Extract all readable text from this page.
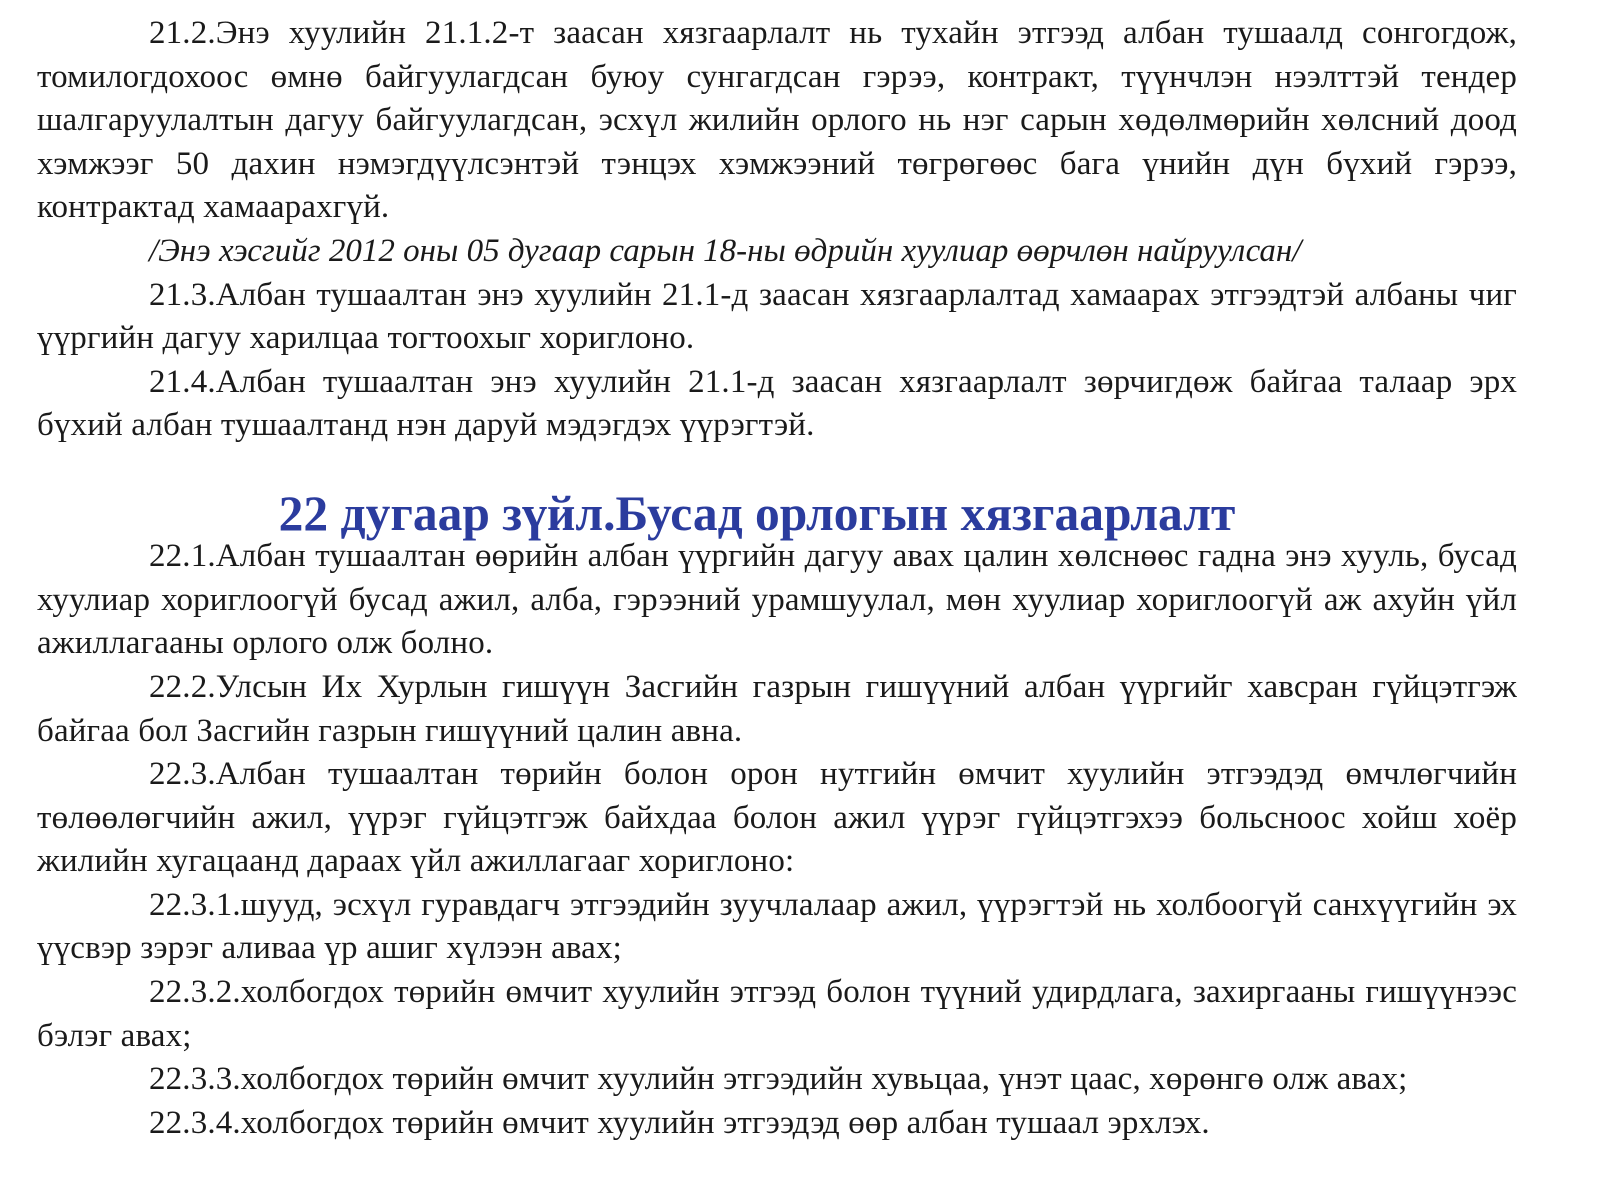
21.2.Энэ хуулийн 21.1.2-т заасан хязгаарлалт нь тухайн этгээд албан тушаалд сонгогдож, томилогдохоос өмнө байгуулагдсан буюу сунгагдсан гэрээ, контракт, түүнчлэн нээлттэй тендер шалгаруулалтын дагуу байгуулагдсан, эсхүл жилийн орлого нь нэг сарын хөдөлмөрийн хөлсний доод хэмжээг 50 дахин нэмэгдүүлсэнтэй тэнцэх хэмжээний төгрөгөөс бага үнийн дүн бүхий гэрээ, контрактад хамаарахгүй.

/Энэ хэсгийг 2012 оны 05 дугаар сарын 18-ны өдрийн хуулиар өөрчлөн найруулсан/

21.3.Албан тушаалтан энэ хуулийн 21.1-д заасан хязгаарлалтад хамаарах этгээдтэй албаны чиг үүргийн дагуу харилцаа тогтоохыг хориглоно.

21.4.Албан тушаалтан энэ хуулийн 21.1-д заасан хязгаарлалт зөрчигдөж байгаа талаар эрх бүхий албан тушаалтанд нэн даруй мэдэгдэх үүрэгтэй.

22 дугаар зүйл.Бусад орлогын хязгаарлалт

22.1.Албан тушаалтан өөрийн албан үүргийн дагуу авах цалин хөлснөөс гадна энэ хууль, бусад хуулиар хориглоогүй бусад ажил, алба, гэрээний урамшуулал, мөн хуулиар хориглоогүй аж ахуйн үйл ажиллагааны орлого олж болно.

22.2.Улсын Их Хурлын гишүүн Засгийн газрын гишүүний албан үүргийг хавсран гүйцэтгэж байгаа бол Засгийн газрын гишүүний цалин авна.

22.3.Албан тушаалтан төрийн болон орон нутгийн өмчит хуулийн этгээдэд өмчлөгчийн төлөөлөгчийн ажил, үүрэг гүйцэтгэж байхдаа болон ажил үүрэг гүйцэтгэхээ больсноос хойш хоёр жилийн хугацаанд дараах үйл ажиллагааг хориглоно:

22.3.1.шууд, эсхүл гуравдагч этгээдийн зуучлалаар ажил, үүрэгтэй нь холбоогүй санхүүгийн эх үүсвэр зэрэг аливаа үр ашиг хүлээн авах;

22.3.2.холбогдох төрийн өмчит хуулийн этгээд болон түүний удирдлага, захиргааны гишүүнээс бэлэг авах;

22.3.3.холбогдох төрийн өмчит хуулийн этгээдийн хувьцаа, үнэт цаас, хөрөнгө олж авах;

22.3.4.холбогдох төрийн өмчит хуулийн этгээдэд өөр албан тушаал эрхлэх.
